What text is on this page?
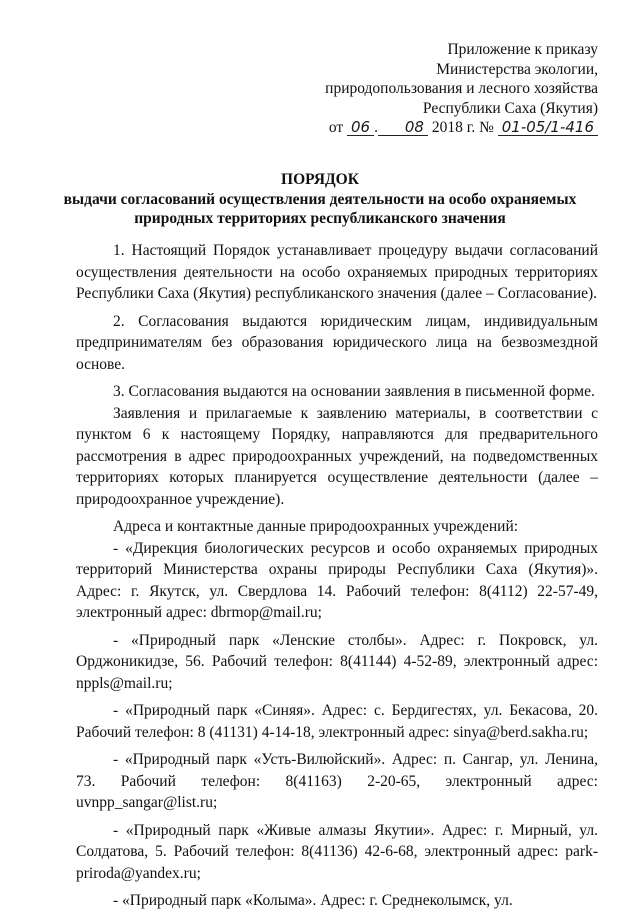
Приложение к приказу
Министерства экологии,
природопользования и лесного хозяйства
Республики Саха (Якутия)
от 06 . 08 2018 г. № 01-05/1-416
ПОРЯДОК
выдачи согласований осуществления деятельности на особо охраняемых
природных территориях республиканского значения

1. Настоящий Порядок устанавливает процедуру выдачи согласований осуществления деятельности на особо охраняемых природных территориях Республики Саха (Якутия) республиканского значения (далее – Согласование).

2. Согласования выдаются юридическим лицам, индивидуальным предпринимателям без образования юридического лица на безвозмездной основе.

3. Согласования выдаются на основании заявления в письменной форме.

Заявления и прилагаемые к заявлению материалы, в соответствии с пунктом 6 к настоящему Порядку, направляются для предварительного рассмотрения в адрес природоохранных учреждений, на подведомственных территориях которых планируется осуществление деятельности (далее – природоохранное учреждение).

Адреса и контактные данные природоохранных учреждений:

- «Дирекция биологических ресурсов и особо охраняемых природных территорий Министерства охраны природы Республики Саха (Якутия)». Адрес: г. Якутск, ул. Свердлова 14. Рабочий телефон: 8(4112) 22-57-49, электронный адрес: dbrmop@mail.ru;

- «Природный парк «Ленские столбы». Адрес: г. Покровск, ул. Орджоникидзе, 56. Рабочий телефон: 8(41144) 4-52-89, электронный адрес: nppls@mail.ru;

- «Природный парк «Синяя». Адрес: с. Бердигестях, ул. Бекасова, 20. Рабочий телефон: 8 (41131) 4-14-18, электронный адрес: sinya@berd.sakha.ru;

- «Природный парк «Усть-Вилюйский». Адрес: п. Сангар, ул. Ленина, 73. Рабочий телефон: 8(41163) 2-20-65, электронный адрес: uvnpp_sangar@list.ru;

- «Природный парк «Живые алмазы Якутии». Адрес: г. Мирный, ул. Солдатова, 5. Рабочий телефон: 8(41136) 42-6-68, электронный адрес: park-priroda@yandex.ru;

- «Природный парк «Колыма». Адрес: г. Среднеколымск, ул.
